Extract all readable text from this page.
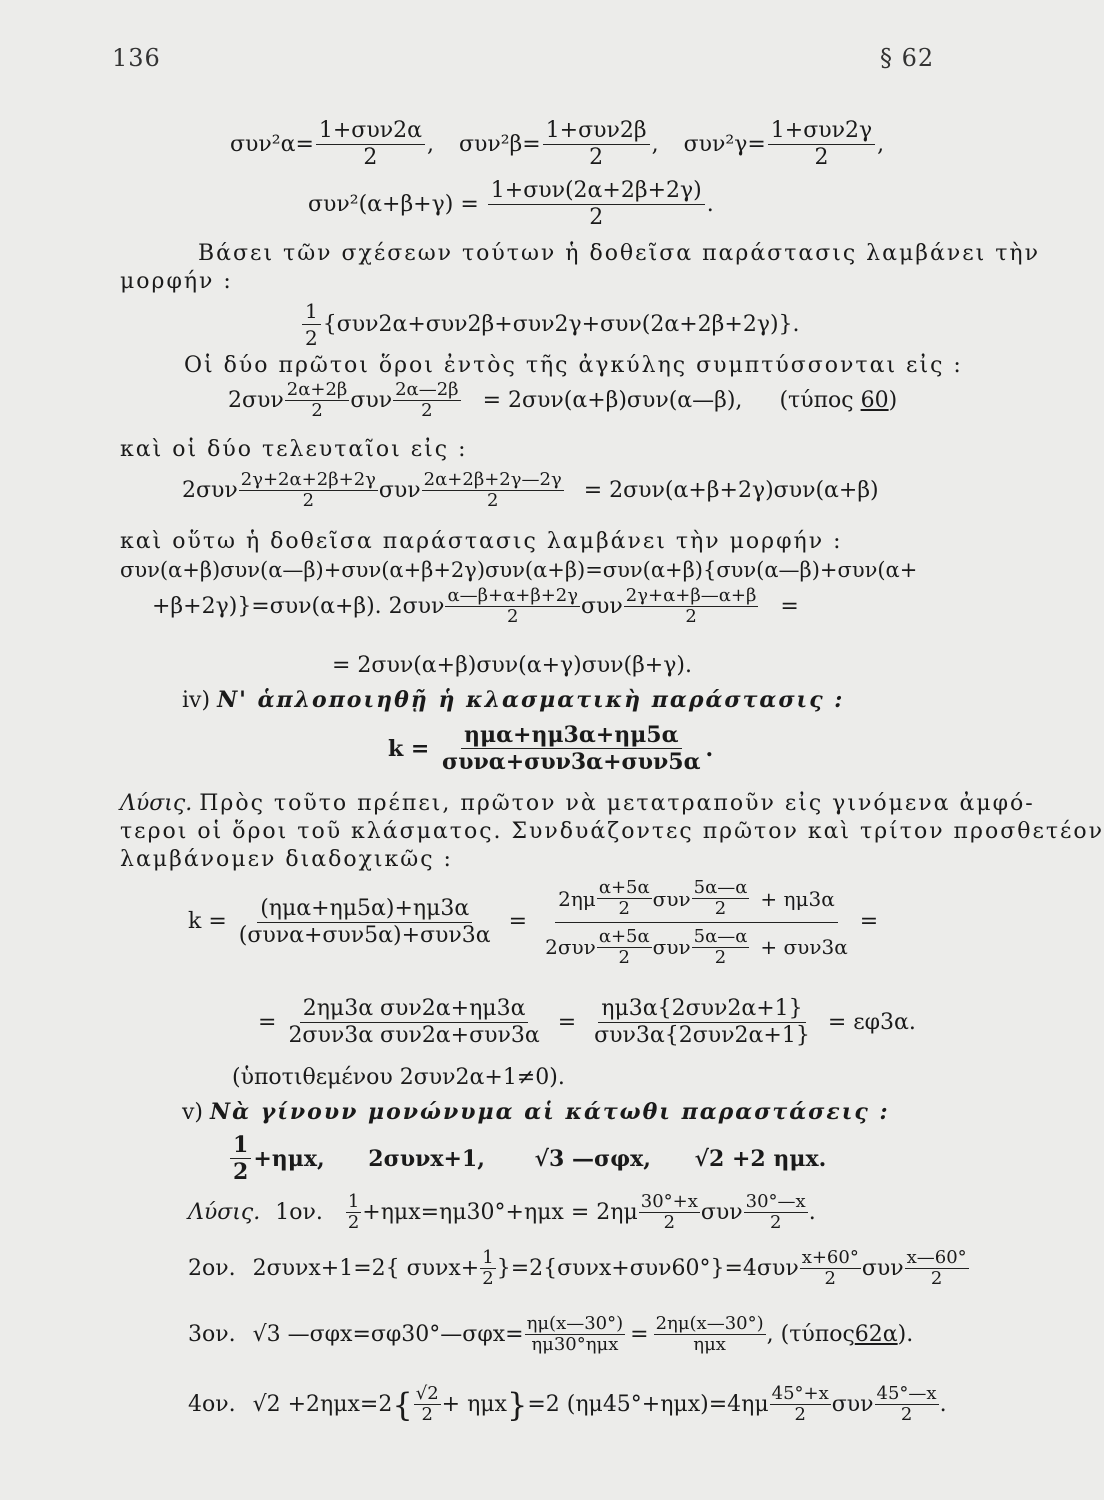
136	§ 62
$\sigma\upsilon\nu^2\alpha= \frac{\text{1+συν2α}}{2}$ , $\sigma\upsilon\nu^2\beta= \frac{\text{1+συν2β}}{2}$ , $\sigma\upsilon\nu^2\gamma= \frac{\text{1+συν2γ}}{2}$ ,
$\sigma\upsilon\nu^2(\alpha+\beta+\gamma) = \frac{\text{1+συν(2α+2β+2γ)}}{2}$ .
Βάσει τῶν σχέσεων τούτων ἡ δοθεῖσα παράστασις λαμβάνει τὴν
μορφήν :
$\frac{1}{2} \{\sigma\upsilon\nu 2\alpha+\sigma\upsilon\nu 2\beta+\sigma\upsilon\nu 2\gamma+\sigma\upsilon\nu(2\alpha+2\beta+2\gamma)\}$.
Οἱ δύο πρῶτοι ὅροι ἐντὸς τῆς ἀγκύλης συμπτύσσονται εἰς :
$2\sigma\upsilon\nu \frac{2\alpha+2\beta}{2}$ συν $\frac{2\alpha—2\beta}{2}$ = 2συν(α+β)συν(α—β), (τύπος 60)
καὶ οἱ δύο τελευταῖοι εἰς :
$2\sigma\upsilon\nu \frac{2\gamma+2\alpha+2\beta+2\gamma}{2}$ συν $\frac{2\alpha+2\beta+2\gamma—2\gamma}{2} = 2\sigma\upsilon\nu(\alpha+\beta+2\gamma)\sigma\upsilon\nu(\alpha+\beta)$
καὶ οὕτω ἡ δοθεῖσα παράστασις λαμβάνει τὴν μορφήν :
συν(α+β)συν(α—β)+συν(α+β+2γ)συν(α+β)=συν(α+β){συν(α—β)+συν(α+
+β+2γ)}=συν(α+β). $2\sigma\upsilon\nu \frac{\alpha—\beta+\alpha+\beta+2\gamma}{2}$ συν $\frac{2\gamma+\alpha+\beta—\alpha+\beta}{2}$ =
= 2συν(α+β)συν(α+γ)συν(β+γ).
iv) Ν' ἁπλοποιηθῇ ἡ κλασματικὴ παράστασις :
$k = \frac{\text{ημα+ημ3α+ημ5α}}{\text{συνα+συν3α+συν5α}}$ .
Λύσις. Πρὸς τοῦτο πρέπει, πρῶτον νὰ μετατραποῦν εἰς γινόμενα ἀμφό-
τεροι οἱ ὅροι τοῦ κλάσματος. Συνδυάζοντες πρῶτον καὶ τρίτον προσθετέον
λαμβάνομεν διαδοχικῶς :
$k = \frac{\text{(ημα+ημ5α)+ημ3α}}{\text{(συνα+συν5α)+συν3α}} = \frac{2\eta\mu \frac{\alpha+5\alpha}{2} \sigma\upsilon\nu \frac{5\alpha—\alpha}{2} + \eta\mu 3\alpha}{2\sigma\upsilon\nu \frac{\alpha+5\alpha}{2} \sigma\upsilon\nu \frac{5\alpha—\alpha}{2} + \sigma\upsilon\nu 3\alpha}$ =
= $\frac{\text{2ημ3α συν2α+ημ3α}}{\text{2συν3α συν2α+συν3α}} = \frac{\text{ημ3α\{2συν2α+1\}}}{\text{συν3α\{2συν2α+1\}}} = \varepsilon\varphi 3\alpha$.
(ὑποτιθεμένου 2συν2α+1≠0).
v) Νὰ γίνουν μονώνυμα αἱ κάτωθι παραστάσεις :
$\frac{1}{2} +\eta\mu x$, 2συνx+1, √3 —σφx, √2 +2 ημx.
Λύσις. 1ον. $\frac{1}{2} +\eta\mu x=\eta\mu 30^\circ+\eta\mu x = 2\eta\mu \frac{30^\circ+x}{2}$ συν $\frac{30^\circ—x}{2}$ .
2ον. 2συνx+1=2{ $\sigma\upsilon\nu x+ \frac{1}{2} \}=2\{\sigma\upsilon\nu x+\sigma\upsilon\nu 60^\circ\}=4\sigma\upsilon\nu \frac{x+60^\circ}{2}$ συν $\frac{x—60^\circ}{2}$
3ον. √3 —σφx=σφ30°—σφx= ημ(x—30°)
ημ30°ημx = 2ημ(x—30°)
ημx , (τύπος62α).
4ον. $√2 +2\eta\mu x=2\{ \frac{√2}{2} + \eta\mu x\}=2$ $(\eta\mu 45^\circ+\eta\mu x)=4\eta\mu \frac{45^\circ+x}{2}$ συν $\frac{45^\circ—x}{2}$ .
